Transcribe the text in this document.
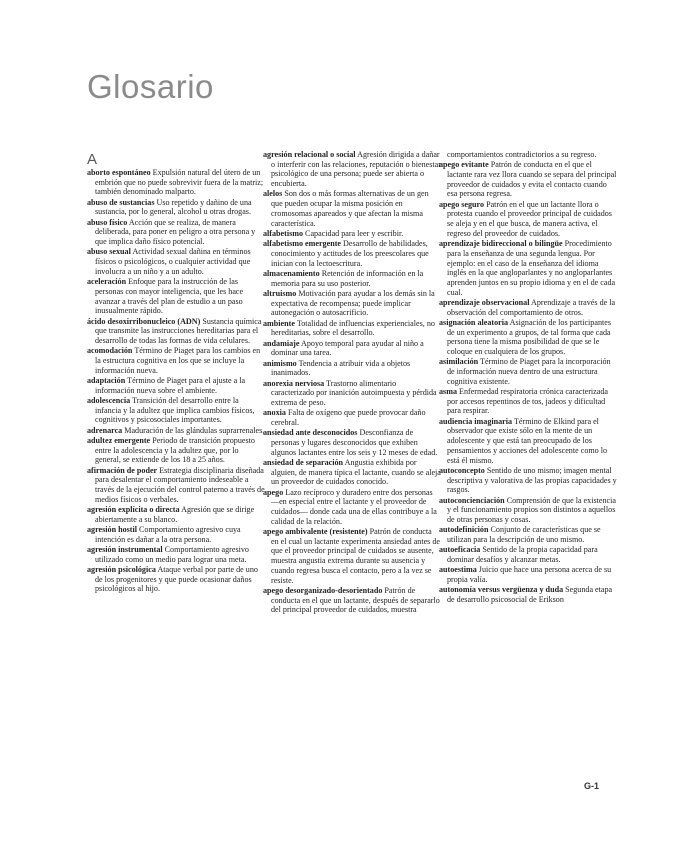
Glosario
A

aborto espontáneo Expulsión natural del útero de un embrión que no puede sobrevivir fuera de la matriz; también denominado malparto.

abuso de sustancias Uso repetido y dañino de una sustancia, por lo general, alcohol u otras drogas.

abuso físico Acción que se realiza, de manera deliberada, para poner en peligro a otra persona y que implica daño físico potencial.

abuso sexual Actividad sexual dañina en términos físicos o psicológicos, o cualquier actividad que involucra a un niño y a un adulto.

aceleración Enfoque para la instrucción de las personas con mayor inteligencia, que les hace avanzar a través del plan de estudio a un paso inusualmente rápido.

ácido desoxirribonucleico (ADN) Sustancia química que transmite las instrucciones hereditarias para el desarrollo de todas las formas de vida celulares.

acomodación Término de Piaget para los cambios en la estructura cognitiva en los que se incluye la información nueva.

adaptación Término de Piaget para el ajuste a la información nueva sobre el ambiente.

adolescencia Transición del desarrollo entre la infancia y la adultez que implica cambios físicos, cognitivos y psicosociales importantes.

adrenarca Maduración de las glándulas suprarrenales.

adultez emergente Periodo de transición propuesto entre la adolescencia y la adultez que, por lo general, se extiende de los 18 a 25 años.

afirmación de poder Estrategia disciplinaria diseñada para desalentar el comportamiento indeseable a través de la ejecución del control paterno a través de medios físicos o verbales.

agresión explícita o directa Agresión que se dirige abiertamente a su blanco.

agresión hostil Comportamiento agresivo cuya intención es dañar a la otra persona.

agresión instrumental Comportamiento agresivo utilizado como un medio para lograr una meta.

agresión psicológica Ataque verbal por parte de uno de los progenitores y que puede ocasionar daños psicológicos al hijo.

agresión relacional o social Agresión dirigida a dañar o interferir con las relaciones, reputación o bienestar psicológico de una persona; puede ser abierta o encubierta.

alelos Son dos o más formas alternativas de un gen que pueden ocupar la misma posición en cromosomas apareados y que afectan la misma característica.

alfabetismo Capacidad para leer y escribir.

alfabetismo emergente Desarrollo de habilidades, conocimiento y actitudes de los preescolares que inician con la lectoescritura.

almacenamiento Retención de información en la memoria para su uso posterior.

altruismo Motivación para ayudar a los demás sin la expectativa de recompensa; puede implicar autonegación o autosacrificio.

ambiente Totalidad de influencias experienciales, no hereditarias, sobre el desarrollo.

andamiaje Apoyo temporal para ayudar al niño a dominar una tarea.

animismo Tendencia a atribuir vida a objetos inanimados.

anorexia nerviosa Trastorno alimentario caracterizado por inanición autoimpuesta y pérdida extrema de peso.

anoxia Falta de oxígeno que puede provocar daño cerebral.

ansiedad ante desconocidos Desconfianza de personas y lugares desconocidos que exhiben algunos lactantes entre los seis y 12 meses de edad.

ansiedad de separación Angustia exhibida por alguien, de manera típica el lactante, cuando se aleja un proveedor de cuidados conocido.

apego Lazo recíproco y duradero entre dos personas —en especial entre el lactante y el proveedor de cuidados— donde cada una de ellas contribuye a la calidad de la relación.

apego ambivalente (resistente) Patrón de conducta en el cual un lactante experimenta ansiedad antes de que el proveedor principal de cuidados se ausente, muestra angustia extrema durante su ausencia y cuando regresa busca el contacto, pero a la vez se resiste.

apego desorganizado-desorientado Patrón de conducta en el que un lactante, después de separarlo del principal proveedor de cuidados, muestra

comportamientos contradictorios a su regreso.

apego evitante Patrón de conducta en el que el lactante rara vez llora cuando se separa del principal proveedor de cuidados y evita el contacto cuando esa persona regresa.

apego seguro Patrón en el que un lactante llora o protesta cuando el proveedor principal de cuidados se aleja y en el que busca, de manera activa, el regreso del proveedor de cuidados.

aprendizaje bidireccional o bilingüe Procedimiento para la enseñanza de una segunda lengua. Por ejemplo: en el caso de la enseñanza del idioma inglés en la que angloparlantes y no angloparlantes aprenden juntos en su propio idioma y en el de cada cual.

aprendizaje observacional Aprendizaje a través de la observación del comportamiento de otros.

asignación aleatoria Asignación de los participantes de un experimento a grupos, de tal forma que cada persona tiene la misma posibilidad de que se le coloque en cualquiera de los grupos.

asimilación Término de Piaget para la incorporación de información nueva dentro de una estructura cognitiva existente.

asma Enfermedad respiratoria crónica caracterizada por accesos repentinos de tos, jadeos y dificultad para respirar.

audiencia imaginaria Término de Elkind para el observador que existe sólo en la mente de un adolescente y que está tan preocupado de los pensamientos y acciones del adolescente como lo está él mismo.

autoconcepto Sentido de uno mismo; imagen mental descriptiva y valorativa de las propias capacidades y rasgos.

autoconcienciación Comprensión de que la existencia y el funcionamiento propios son distintos a aquellos de otras personas y cosas.

autodefinición Conjunto de características que se utilizan para la descripción de uno mismo.

autoeficacia Sentido de la propia capacidad para dominar desafíos y alcanzar metas.

autoestima Juicio que hace una persona acerca de su propia valía.

autonomía versus vergüenza y duda Segunda etapa de desarrollo psicosocial de Erikson

G-1
